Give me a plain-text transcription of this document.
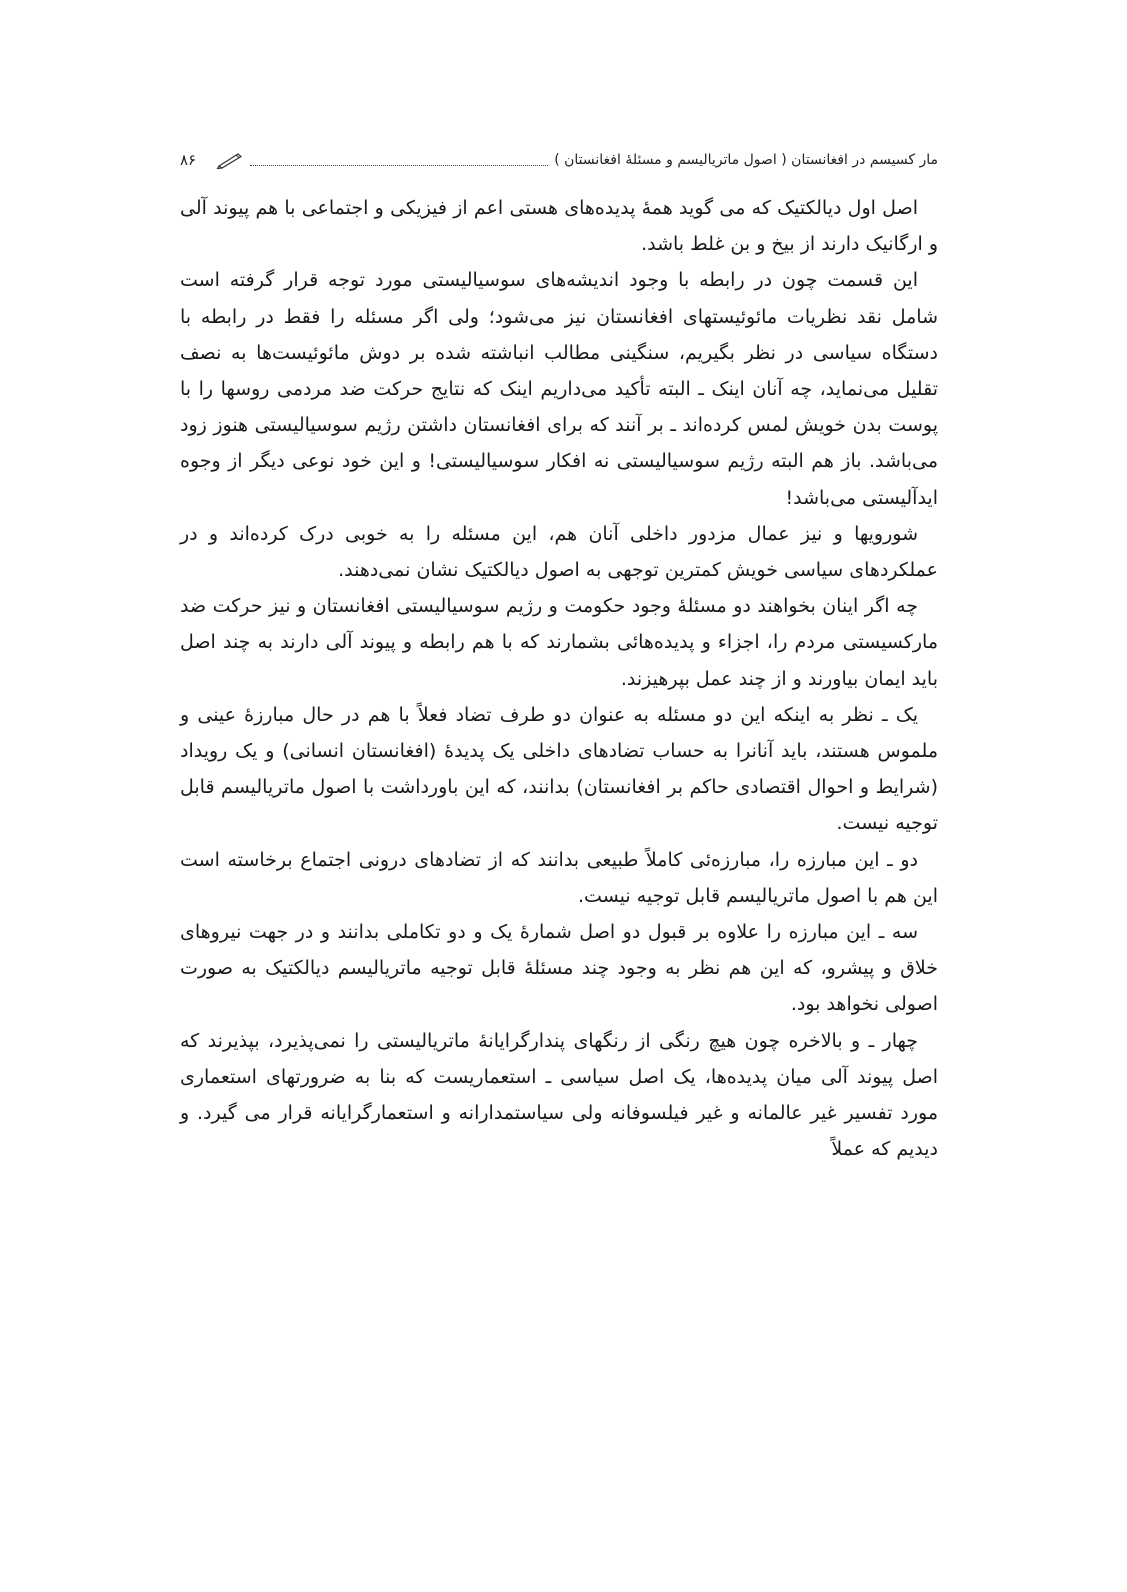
مار کسیسم در افغانستان ( اصول ماتریالیسم و مسئلهٔ افغانستان )
۸۶

اصل اول دیالکتیک که می گوید همهٔ پدیده‌های هستی اعم از فیزیکی و اجتماعی با هم پیوند آلی و ارگانیک دارند از بیخ و بن غلط باشد.

این قسمت چون در رابطه با وجود اندیشه‌های سوسیالیستی مورد توجه قرار گرفته است شامل نقد نظریات مائوئیستهای افغانستان نیز می‌شود؛ ولی اگر مسئله را فقط در رابطه با دستگاه سیاسی در نظر بگیریم، سنگینی مطالب انباشته شده بر دوش مائوئیست‌ها به نصف تقلیل می‌نماید، چه آنان اینک ـ البته تأکید می‌داریم اینک که نتایج حرکت ضد مردمی روسها را با پوست بدن خویش لمس کرده‌اند ـ بر آنند که برای افغانستان داشتن رژیم سوسیالیستی هنوز زود می‌باشد. باز هم البته رژیم سوسیالیستی نه افکار سوسیالیستی! و این خود نوعی دیگر از وجوه ایدآلیستی می‌باشد!

شورویها و نیز عمال مزدور داخلی آنان هم، این مسئله را به خوبی درک کرده‌اند و در عملکردهای سیاسی خویش کمترین توجهی به اصول دیالکتیک نشان نمی‌دهند.

چه اگر اینان بخواهند دو مسئلهٔ وجود حکومت و رژیم سوسیالیستی افغانستان و نیز حرکت ضد مارکسیستی مردم را، اجزاء و پدیده‌هائی بشمارند که با هم رابطه و پیوند آلی دارند به چند اصل باید ایمان بیاورند و از چند عمل بپرهیزند.

یک ـ نظر به اینکه این دو مسئله به عنوان دو طرف تضاد فعلاً با هم در حال مبارزهٔ عینی و ملموس هستند، باید آنانرا به حساب تضادهای داخلی یک پدیدهٔ (افغانستان انسانی) و یک رویداد (شرایط و احوال اقتصادی حاکم بر افغانستان) بدانند، که این باورداشت با اصول ماتریالیسم قابل توجیه نیست.

دو ـ این مبارزه را، مبارزه‌ئی کاملاً طبیعی بدانند که از تضادهای درونی اجتماع برخاسته است این هم با اصول ماتریالیسم قابل توجیه نیست.

سه ـ این مبارزه را علاوه بر قبول دو اصل شمارهٔ یک و دو تکاملی بدانند و در جهت نیروهای خلاق و پیشرو، که این هم نظر به وجود چند مسئلهٔ قابل توجیه ماتریالیسم دیالکتیک به صورت اصولی نخواهد بود.

چهار ـ و بالاخره چون هیچ رنگی از رنگهای پندارگرایانهٔ ماتریالیستی را نمی‌پذیرد، بپذیرند که اصل پیوند آلی میان پدیده‌ها، یک اصل سیاسی ـ استعماریست که بنا به ضرورتهای استعماری مورد تفسیر غیر عالمانه و غیر فیلسوفانه ولی سیاستمدارانه و استعمارگرایانه قرار می گیرد. و دیدیم که عملاً
